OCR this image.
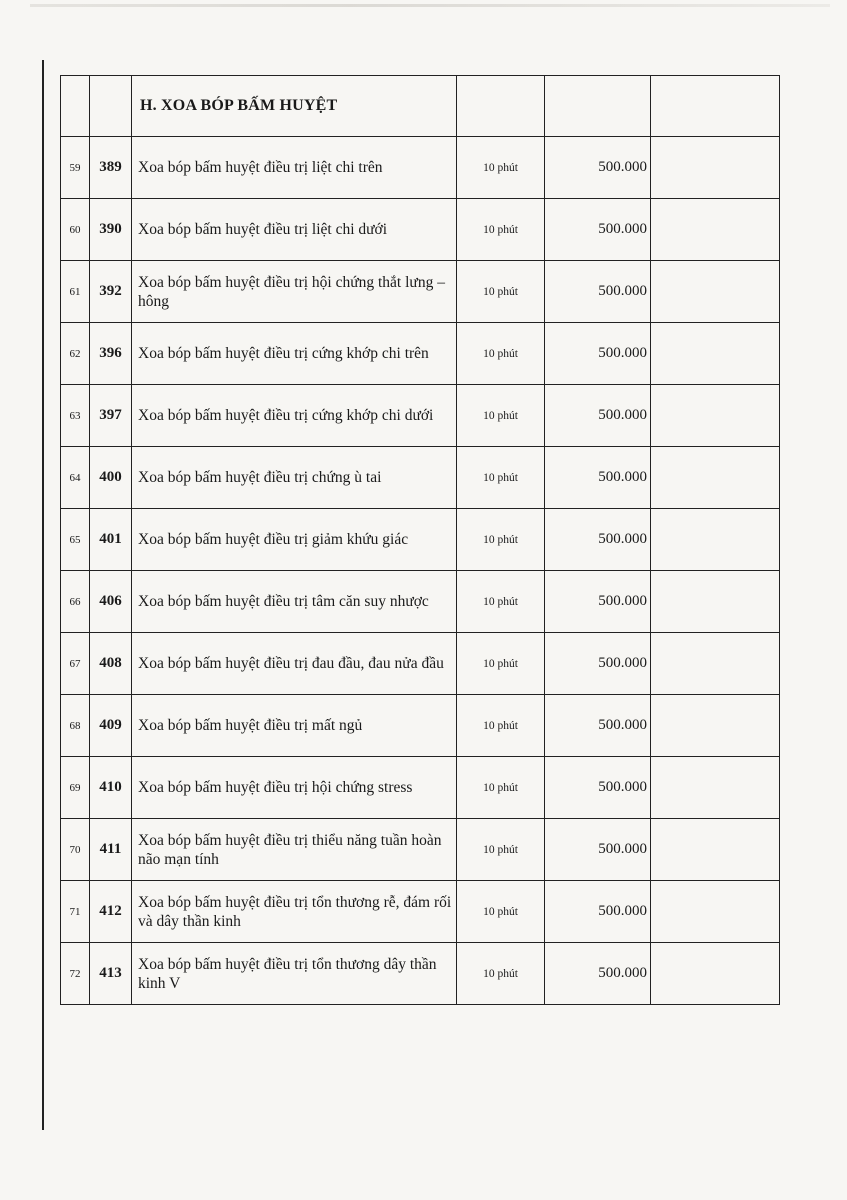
		H. XOA BÓP BẤM HUYỆT			
59	389	Xoa bóp bấm huyệt điều trị liệt chi trên	10 phút	500.000	
60	390	Xoa bóp bấm huyệt điều trị liệt chi dưới	10 phút	500.000	
61	392	Xoa bóp bấm huyệt điều trị hội chứng thắt lưng – hông	10 phút	500.000	
62	396	Xoa bóp bấm huyệt điều trị cứng khớp chi trên	10 phút	500.000	
63	397	Xoa bóp bấm huyệt điều trị cứng khớp chi dưới	10 phút	500.000	
64	400	Xoa bóp bấm huyệt điều trị chứng ù tai	10 phút	500.000	
65	401	Xoa bóp bấm huyệt điều trị giảm khứu giác	10 phút	500.000	
66	406	Xoa bóp bấm huyệt điều trị tâm căn suy nhược	10 phút	500.000	
67	408	Xoa bóp bấm huyệt điều trị đau đầu, đau nửa đầu	10 phút	500.000	
68	409	Xoa bóp bấm huyệt điều trị mất ngủ	10 phút	500.000	
69	410	Xoa bóp bấm huyệt điều trị hội chứng stress	10 phút	500.000	
70	411	Xoa bóp bấm huyệt điều trị thiểu năng tuần hoàn não mạn tính	10 phút	500.000	
71	412	Xoa bóp bấm huyệt điều trị tổn thương rễ, đám rối và dây thần kinh	10 phút	500.000	
72	413	Xoa bóp bấm huyệt điều trị tổn thương dây thần kinh V	10 phút	500.000	
